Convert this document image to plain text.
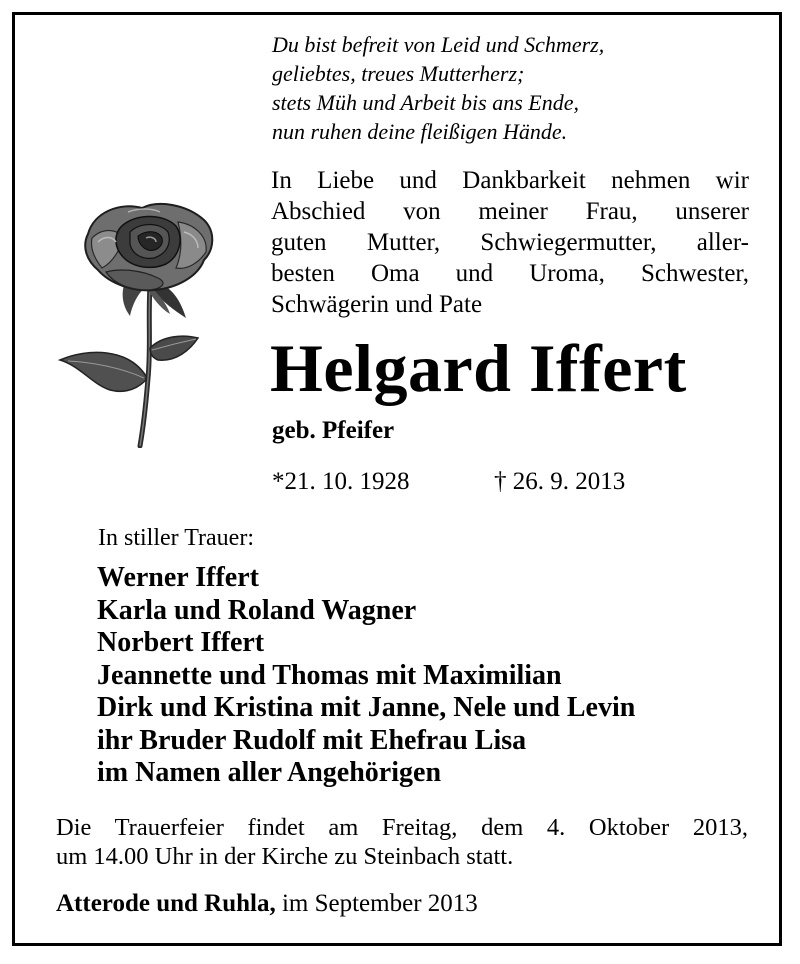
Du bist befreit von Leid und Schmerz,
geliebtes, treues Mutterherz;
stets Müh und Arbeit bis ans Ende,
nun ruhen deine fleißigen Hände.
In Liebe und Dankbarkeit nehmen wir
Abschied von meiner Frau, unserer
guten Mutter, Schwiegermutter, aller-
besten Oma und Uroma, Schwester,
Schwägerin und Pate
Helgard Iffert
geb. Pfeifer
*21. 10. 1928	† 26. 9. 2013
In stiller Trauer:
Werner Iffert
Karla und Roland Wagner
Norbert Iffert
Jeannette und Thomas mit Maximilian
Dirk und Kristina mit Janne, Nele und Levin
ihr Bruder Rudolf mit Ehefrau Lisa
im Namen aller Angehörigen
Die Trauerfeier findet am Freitag, dem 4. Oktober 2013,
um 14.00 Uhr in der Kirche zu Steinbach statt.
Atterode und Ruhla, im September 2013
